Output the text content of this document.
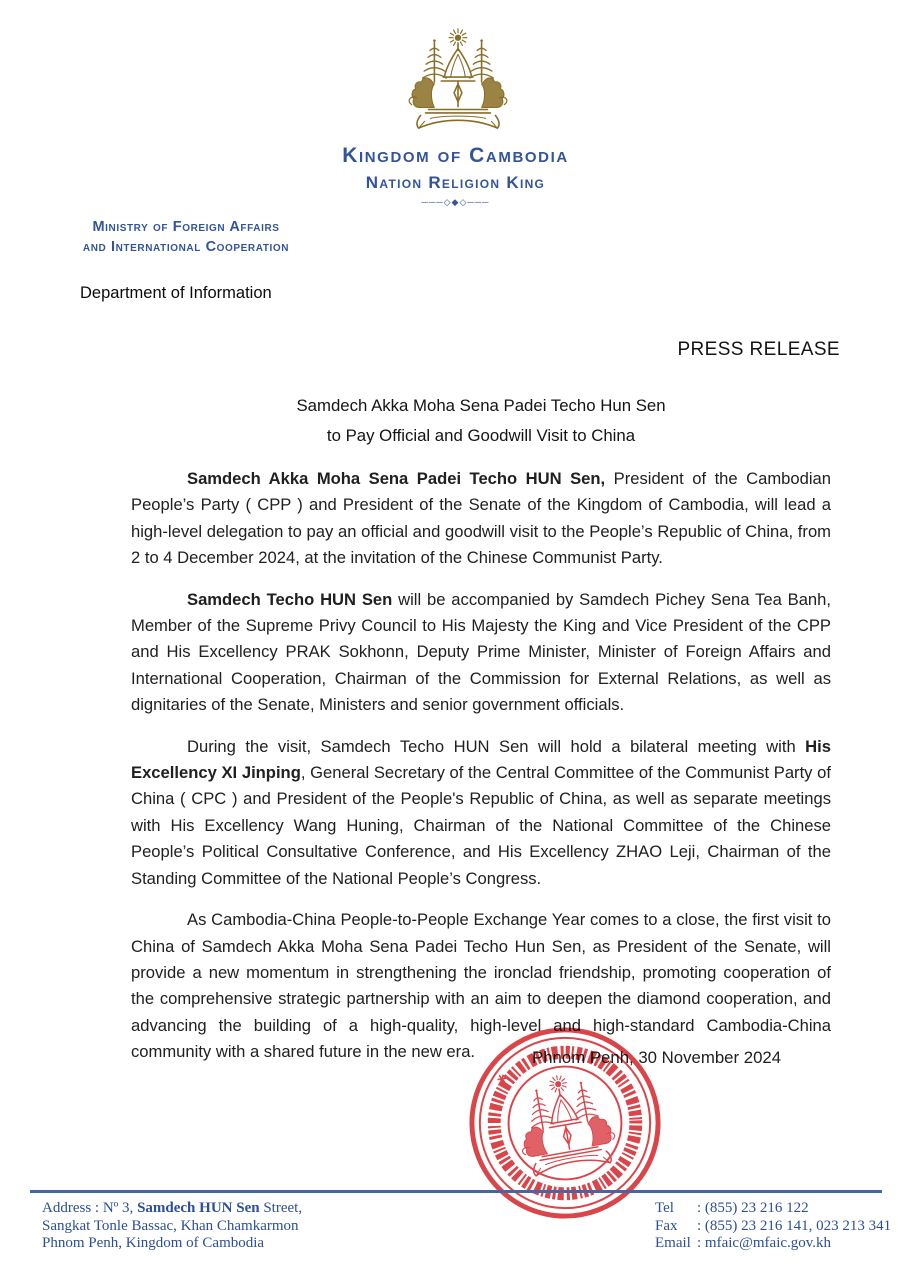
Kingdom of Cambodia
Nation Religion King
───◇◆◇───
Ministry of Foreign Affairs
and International Cooperation
Department of Information
PRESS RELEASE
Samdech Akka Moha Sena Padei Techo Hun Sen
to Pay Official and Goodwill Visit to China

Samdech Akka Moha Sena Padei Techo HUN Sen, President of the Cambodian People’s Party ( CPP ) and President of the Senate of the Kingdom of Cambodia, will lead a high-level delegation to pay an official and goodwill visit to the People’s Republic of China, from 2 to 4 December 2024, at the invitation of the Chinese Communist Party.

Samdech Techo HUN Sen will be accompanied by Samdech Pichey Sena Tea Banh, Member of the Supreme Privy Council to His Majesty the King and Vice President of the CPP and His Excellency PRAK Sokhonn, Deputy Prime Minister, Minister of Foreign Affairs and International Cooperation, Chairman of the Commission for External Relations, as well as dignitaries of the Senate, Ministers and senior government officials.

During the visit, Samdech Techo HUN Sen will hold a bilateral meeting with His Excellency XI Jinping, General Secretary of the Central Committee of the Communist Party of China ( CPC ) and President of the People's Republic of China, as well as separate meetings with His Excellency Wang Huning, Chairman of the National Committee of the Chinese People’s Political Consultative Conference, and His Excellency ZHAO Leji, Chairman of the Standing Committee of the National People’s Congress.

As Cambodia-China People-to-People Exchange Year comes to a close, the first visit to China of Samdech Akka Moha Sena Padei Techo Hun Sen, as President of the Senate, will provide a new momentum in strengthening the ironclad friendship, promoting cooperation of the comprehensive strategic partnership with an aim to deepen the diamond cooperation, and advancing the building of a high-quality, high-level and high-standard Cambodia-China community with a shared future in the new era.	Phnom Penh, 30 November 2024
Address : Nº 3, Samdech HUN Sen Street,
Sangkat Tonle Bassac, Khan Chamkarmon
Phnom Penh, Kingdom of Cambodia
Tel	: (855) 23 216 122
Fax	: (855) 23 216 141, 023 213 341
Email : mfaic@mfaic.gov.kh
